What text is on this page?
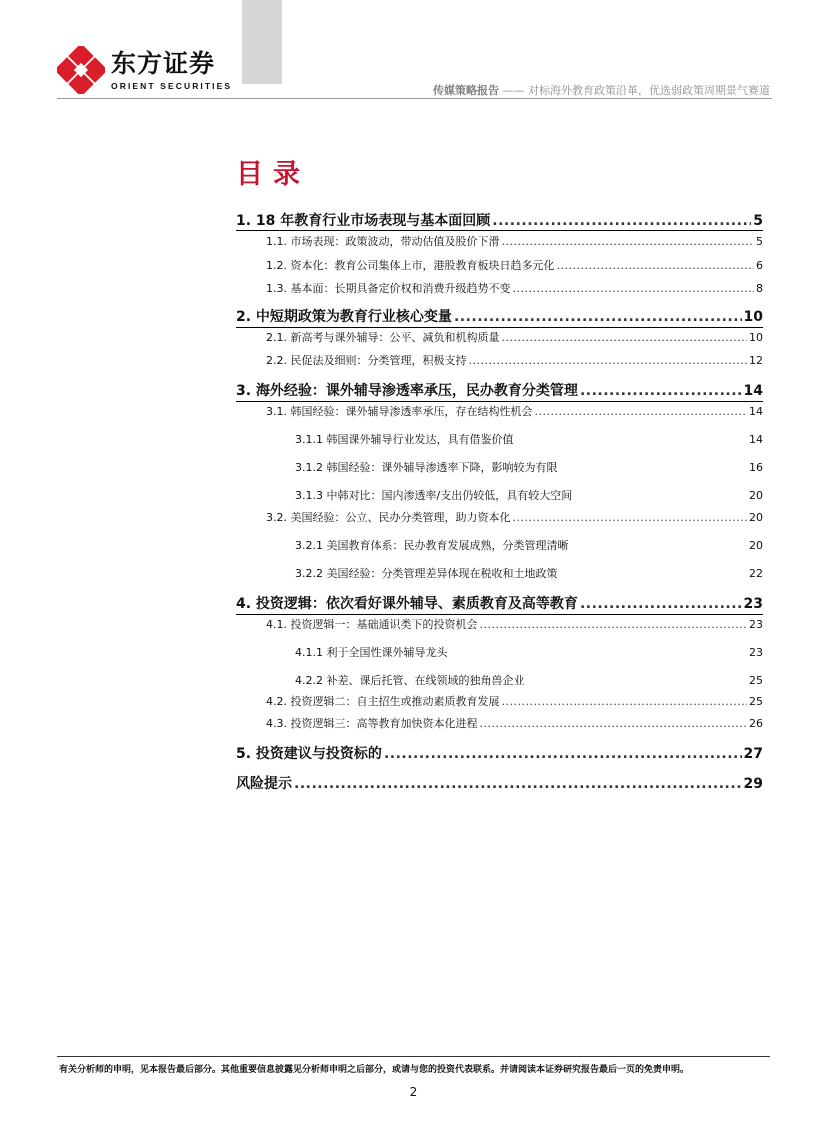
东方证券
ORIENT SECURITIES	传媒策略报告 —— 对标海外教育政策沿革，优选弱政策周期景气赛道
目录
1. 18 年教育行业市场表现与基本面回顾 .....	5
1.1. 市场表现：政策波动，带动估值及股价下滑 .....	5
1.2. 资本化：教育公司集体上市，港股教育板块日趋多元化 .....	6
1.3. 基本面：长期具备定价权和消费升级趋势不变 .....	8
2. 中短期政策为教育行业核心变量 .....	10
2.1. 新高考与课外辅导：公平、减负和机构质量 .....	10
2.2. 民促法及细则：分类管理，积极支持 .....	12
3. 海外经验：课外辅导渗透率承压，民办教育分类管理 .....	14
3.1. 韩国经验：课外辅导渗透率承压，存在结构性机会 .....	14
3.1.1 韩国课外辅导行业发达，具有借鉴价值	14
3.1.2 韩国经验：课外辅导渗透率下降，影响较为有限	16
3.1.3 中韩对比：国内渗透率/支出仍较低，具有较大空间	20
3.2. 美国经验：公立、民办分类管理，助力资本化 .....	20
3.2.1 美国教育体系：民办教育发展成熟，分类管理清晰	20
3.2.2 美国经验：分类管理差异体现在税收和土地政策	22
4. 投资逻辑：依次看好课外辅导、素质教育及高等教育 .....	23
4.1. 投资逻辑一：基础通识类下的投资机会 .....	23
4.1.1 利于全国性课外辅导龙头	23
4.2.2 补差、课后托管、在线领域的独角兽企业	25
4.2. 投资逻辑二：自主招生或推动素质教育发展 .....	25
4.3. 投资逻辑三：高等教育加快资本化进程 .....	26
5. 投资建议与投资标的 .....	27
风险提示 .....	29
有关分析师的申明，见本报告最后部分。其他重要信息披露见分析师申明之后部分，或请与您的投资代表联系。并请阅读本证券研究报告最后一页的免责申明。
2
